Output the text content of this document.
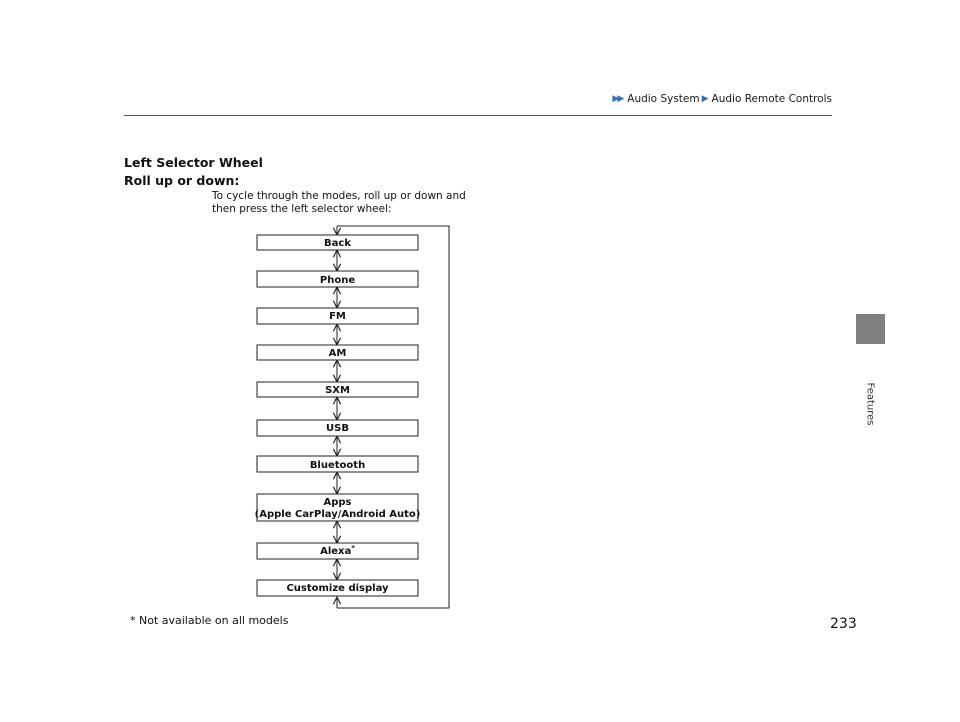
▶▶ Audio System ▶ Audio Remote Controls
Features
Left Selector Wheel
Roll up or down:
To cycle through the modes, roll up or down and then press the left selector wheel:
Back
Phone
FM
AM
SXM
USB
Bluetooth
Apps
(Apple CarPlay/Android Auto)
Alexa*
Customize display
* Not available on all models	233
